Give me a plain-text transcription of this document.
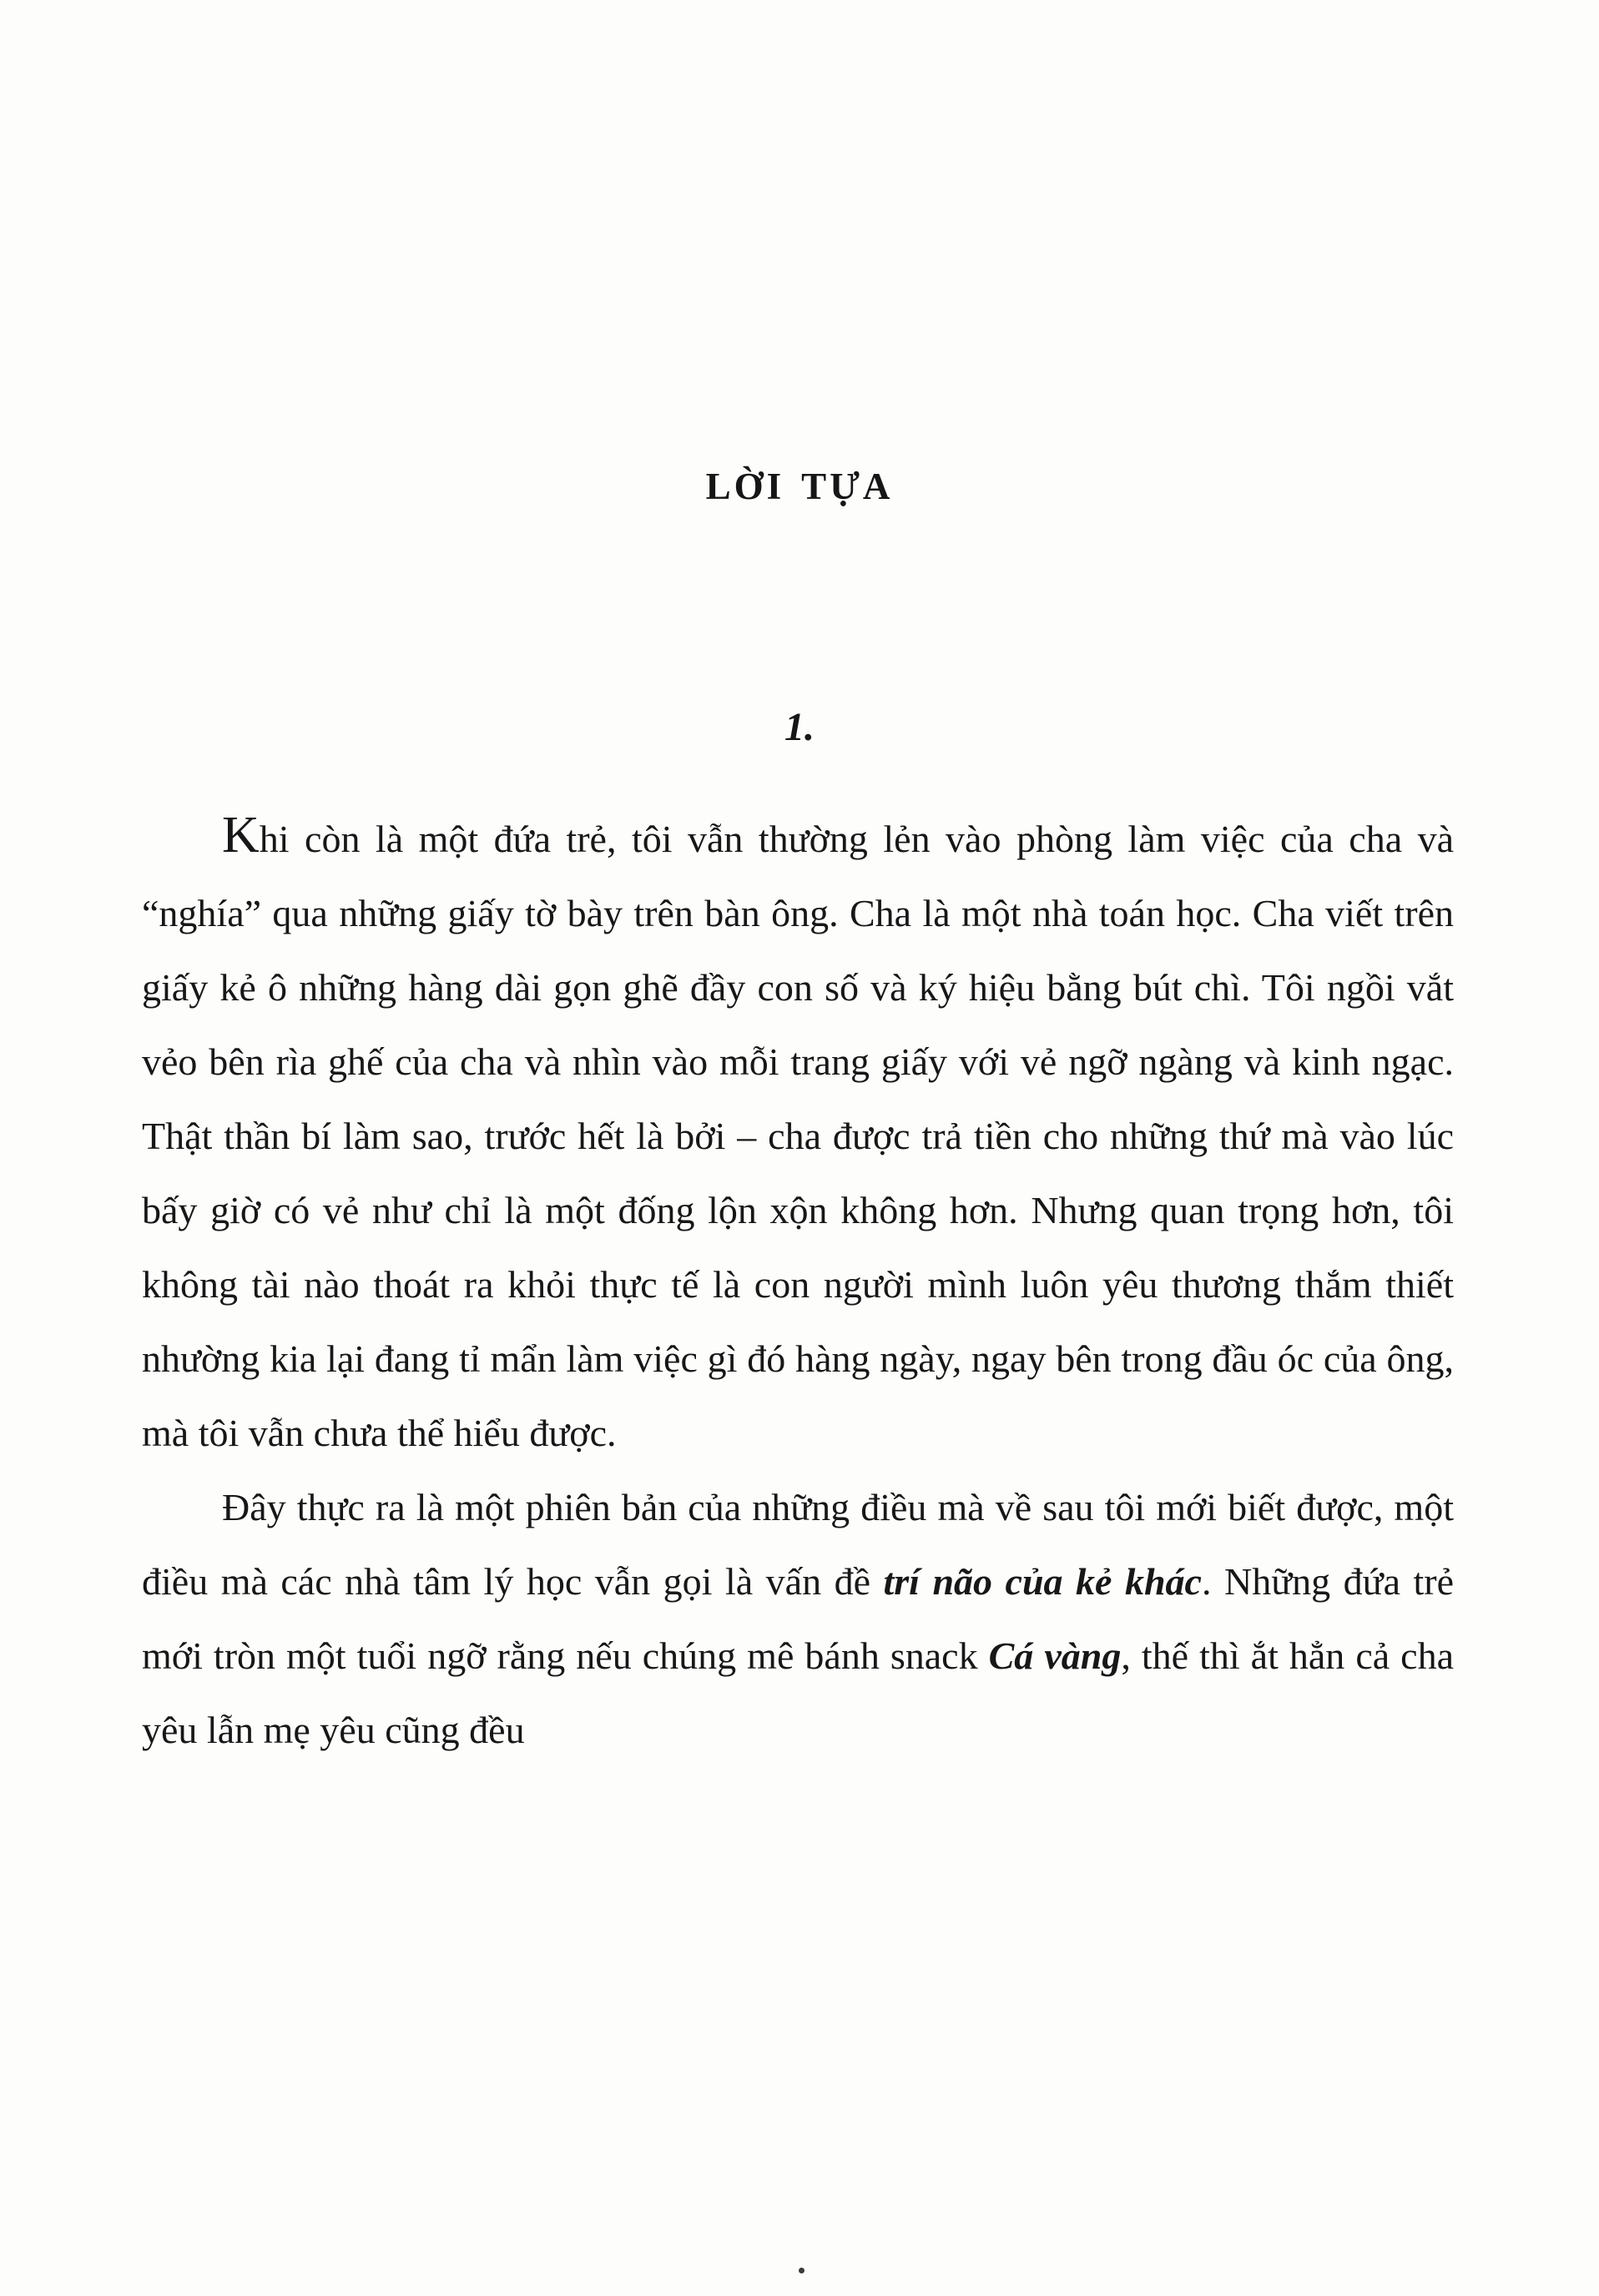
lời tựa
1.

Khi còn là một đứa trẻ, tôi vẫn thường lẻn vào phòng làm việc của cha và “nghía” qua những giấy tờ bày trên bàn ông. Cha là một nhà toán học. Cha viết trên giấy kẻ ô những hàng dài gọn ghẽ đầy con số và ký hiệu bằng bút chì. Tôi ngồi vắt vẻo bên rìa ghế của cha và nhìn vào mỗi trang giấy với vẻ ngỡ ngàng và kinh ngạc. Thật thần bí làm sao, trước hết là bởi – cha được trả tiền cho những thứ mà vào lúc bấy giờ có vẻ như chỉ là một đống lộn xộn không hơn. Nhưng quan trọng hơn, tôi không tài nào thoát ra khỏi thực tế là con người mình luôn yêu thương thắm thiết nhường kia lại đang tỉ mẩn làm việc gì đó hàng ngày, ngay bên trong đầu óc của ông, mà tôi vẫn chưa thể hiểu được.

Đây thực ra là một phiên bản của những điều mà về sau tôi mới biết được, một điều mà các nhà tâm lý học vẫn gọi là vấn đề trí não của kẻ khác. Những đứa trẻ mới tròn một tuổi ngỡ rằng nếu chúng mê bánh snack Cá vàng, thế thì ắt hẳn cả cha yêu lẫn mẹ yêu cũng đều
